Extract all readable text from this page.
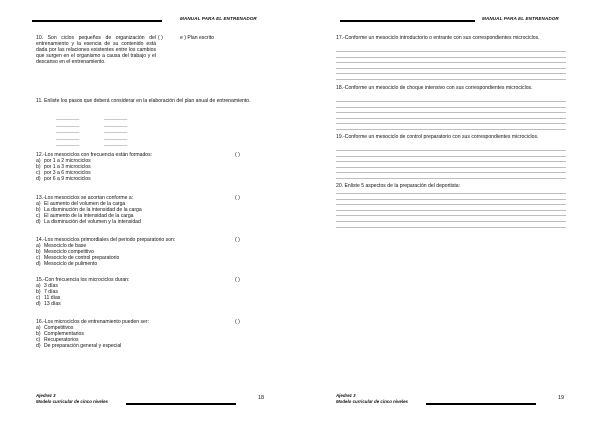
MANUAL PARA EL ENTRENADOR
10. Son ciclos pequeños de organización del entrenamiento y la esencia de su contenido está dada por las relaciones existentes entre los cambios que surgen en el organismo a causa del trabajo y el descanso en el entrenamiento.
( )	e ) Plan escrito
11. Enliste los pasos que deberá considerar en la elaboración del plan anual de entrenamiento.
____________
____________
____________
____________
____________
____________
____________
____________
____________
____________
12.-Los mesociclos con frecuencia están formados:	( )
a) por 1 a 2 microciclos
b) por 1 a 3 microciclos
c) por 3 a 6 microciclos
d) por 6 a 9 microciclos
13.-Los mesociclos se acortan conforme a:	( )
a) El aumento del volumen de la carga
b) La disminución de la intensidad de la carga
c) El aumento de la intensidad de la carga
d) La disminución del volumen y la intensidad
14.-Los mesociclos primordiales del periodo preparatorio son:	( )
a) Mesociclo de base
b) Mesociclo competitivo
c) Mesociclo de control preparatorio
d) Mesociclo de pulimento
15.-Con frecuencia los microciclos duran:	( )
a) 3 días
b) 7 días
c) 11 días
d) 13 días
16.-Los microciclos de entrenamiento pueden ser:	( )
a) Competitivos
b) Complementarios
c) Recuperatorios
d) De preparación general y especial
Ajedrez 3
Modelo curricular de cinco niveles
18
MANUAL PARA EL ENTRENADOR
17.-Conforme un mesociclo introductorio o entrante con sus correspondientes microciclos.
18.-Conforme un mesociclo de choque intensivo con sus correspondientes microciclos.
19.-Conforme un mesociclo de control preparatorio con sus correspondientes microciclos.
20. Enliste 5 aspectos de la preparación del deportista:
Ajedrez 3
Modelo curricular de cinco niveles
19
